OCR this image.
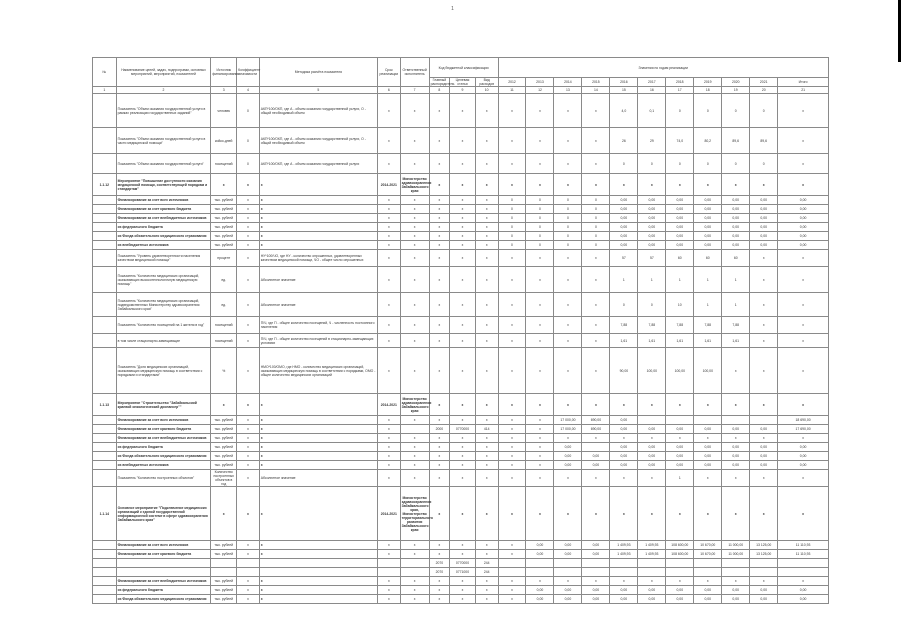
1
№	Наименование целей, задач, подпрограмм, основных мероприятий, мероприятий, показателей	Источник финансирования	Коэффициент значимости	Методика расчёта показателя	Срок реализации	Ответственный исполнитель	Код бюджетной классификации			Значения по годам реализации										
							Главный распорядитель	Целевая статья	Вид расходов	2012	2013	2014	2015	2016	2017	2018	2019	2020	2021	Итого
1	2	3	4	5	6	7	8	9	10	11	12	13	14	15	16	17	18	19	20	21
	Показатель "Объем оказания государственной услуги в рамках реализации государственных заданий"	человек	0	АКП*100/ОКП, где А - объем оказания государственной услуги, О - общий необходимый объем	x	x	x	x	x	x	x	x	x	4,0	0,1	0	0	0	0	x
	Показатель "Объем оказания государственной услуги в части медицинской помощи"	койко-дней	0	АКП*100/ОКП, где А - объем оказания государственной услуги, О - общий необходимый объем	x	x	x	x	x	x	x	x	x	26	29	74,0	80,2	89,6	89,6	x
	Показатель "Объем оказания государственной услуги"	посещений	0	АКП*100/ОКП, где А - объем оказания государственной услуги	x	x	x	x	x	x	x	x	x	0	0	0	0	0	0	x
1.1.12	Мероприятие "Повышение доступности оказания медицинской помощи, соответствующей порядкам и стандартам"	x	x	x	2014-2021	Министерство здравоохранения Забайкальского края	x	x	x	x	x	x	x	x	x	x	x	x	x	x
	Финансирование за счет всех источников	тыс. рублей	x	x	x	x	x	x	x	0	0	0	0	0,00	0,00	0,00	0,00	0,00	0,00	0,00
	Финансирование за счет краевого бюджета	тыс. рублей	x	x	x	x	x	x	x	0	0	0	0	0,00	0,00	0,00	0,00	0,00	0,00	0,00
	Финансирование за счет внебюджетных источников	тыс. рублей	x	x	x	x	x	x	x	0	0	0	0	0,00	0,00	0,00	0,00	0,00	0,00	0,00
	из федерального бюджета	тыс. рублей	x	x	x	x	x	x	x	0	0	0	0	0,00	0,00	0,00	0,00	0,00	0,00	0,00
	из Фонда обязательного медицинского страхования	тыс. рублей	x	x	x	x	x	x	x	0	0	0	0	0,00	0,00	0,00	0,00	0,00	0,00	0,00
	из внебюджетных источников	тыс. рублей	x	x	x	x	x	x	x	0	0	0	0	0,00	0,00	0,00	0,00	0,00	0,00	0,00
	Показатель "Уровень удовлетворенности населения качеством медицинской помощи"	процент	x	НУ*100/ЧО, где НУ - количество опрошенных, удовлетворенных качеством медицинской помощи, ЧО - общее число опрошенных	x	x	x	x	x	x	x	x	x	57	57	60	60	60	x	x
	Показатель "Количество медицинских организаций, оказывающих высокотехнологичную медицинскую помощь"	ед.	x	Абсолютное значение	x	x	x	x	x	x	x	x	x	1	1	1	1	1	x	x
	Показатель "Количество медицинских организаций, подведомственных Министерству здравоохранения Забайкальского края"	ед.	x	Абсолютное значение	x	x	x	x	x	x	x	x	x	0	0	10	1	1	x	x
	Показатель "Количество посещений на 1 жителя в год"	посещений	x	П/Ч, где П - общее количество посещений, Ч - численность постоянного населения	x	x	x	x	x	x	x	x	x	7,88	7,88	7,88	7,88	7,88	x	x
	в том числе стационарно-замещающие	посещений	x	П/Ч, где П - общее количество посещений в стационарно-замещающих условиях	x	x	x	x	x	x	x	x	x	1,61	1,61	1,61	1,61	1,61	x	x
	Показатель "Доля медицинских организаций, оказывающих медицинскую помощь в соответствии с порядками и стандартами"	%	x	НМО*100/ОМО, где НМО - количество медицинских организаций, оказывающих медицинскую помощь в соответствии с порядками, ОМО - общее количество медицинских организаций	x	x	x	x	x	x	x	x	x	90,00	100,00	100,00	100,00	x	x	x
1.1.13	Мероприятие "Строительство "Забайкальский краевой онкологический диспансер""	x	x	x	2014-2021	Министерство здравоохранения Забайкальского края	x	x	x	x	x	x	x	x	x	x	x	x	x	x
	Финансирование за счет всех источников	тыс. рублей	x	x	x	x	x	x	x	x	x	17 000,00	690,00	0,00						18 690,00
	Финансирование за счет краевого бюджета	тыс. рублей	x	x	x		2000	0770000	414	x	x	17 000,00	690,00	0,00	0,00	0,00	0,00	0,00	0,00	17 690,00
	Финансирование за счет внебюджетных источников	тыс. рублей	x	x	x	x	x	x	x	x	x	x	x	x	x	x	x	x	x	x
	из федерального бюджета	тыс. рублей	x	x	x	x	x	x	x	x	x	0,00		0,00	0,00	0,00	0,00	0,00	0,00	0,00
	из Фонда обязательного медицинского страхования	тыс. рублей	x	x	x	x	x	x	x	x	x	0,00	0,00	0,00	0,00	0,00	0,00	0,00	0,00	0,00
	из внебюджетных источников	тыс. рублей	x	x	x	x	x	x	x	x	x	0,00	0,00	0,00	0,00	0,00	0,00	0,00	0,00	0,00
	Показатель "Количество построенных объектов"	Количество построенных объектов в год	x	Абсолютное значение	x	x	x	x	x	x	x	x	x	x	x	1	x	x	x	x
1.1.14	Основное мероприятие "Подключение медицинских организаций к единой государственной информационной системе в сфере здравоохранения Забайкальского края"	x	x	x	2014-2021	Министерство здравоохранения Забайкальского края, Министерство территориального развития Забайкальского края	x	x	x	x	x	x	x	x	x	x	x	x	x	x
	Финансирование за счет всех источников	тыс. рублей	x	x	x	x	x	x	x	x	0,00	0,00	0,00	1 409,93	1 409,93	108 600,00	10 670,00	11 000,00	13 125,00	11 110,93
	Финансирование за счет краевого бюджета	тыс. рублей	x	x	x	x	x	x	x	x	0,00	0,00	0,00	1 409,93	1 409,93	108 600,00	10 670,00	11 000,00	13 125,00	11 110,93
							2070	0770000	244											
							2070	0771000	244											
	Финансирование за счет внебюджетных источников	тыс. рублей	x	x	x	x	x	x	x	x	x	x	x	x	x	x	x	x	x	x
	из федерального бюджета	тыс. рублей	x	x	x	x	x	x	x	x	0,00	0,00	0,00	0,00	0,00	0,00	0,00	0,00	0,00	0,00
	из Фонда обязательного медицинского страхования	тыс. рублей	x	x	x	x	x	x	x	x	0,00	0,00	0,00	0,00	0,00	0,00	0,00	0,00	0,00	0,00
